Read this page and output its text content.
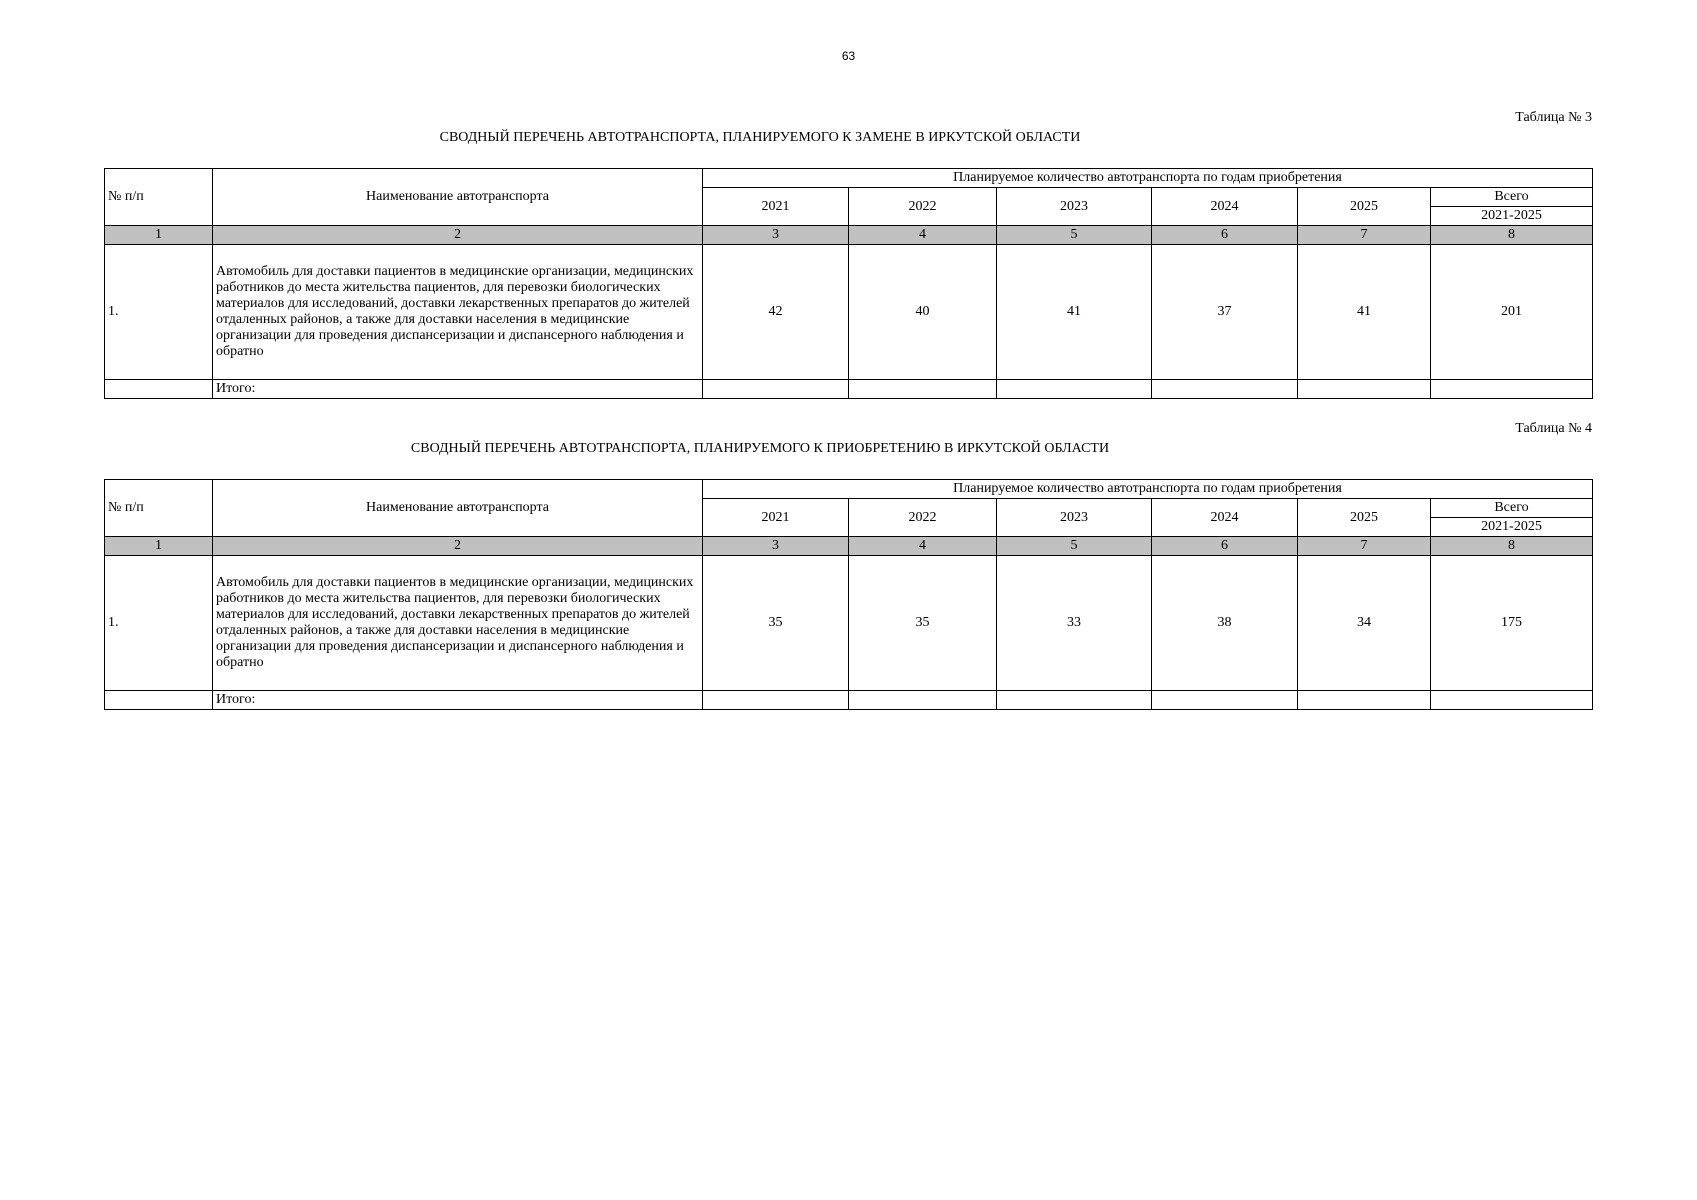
63
Таблица № 3
СВОДНЫЙ ПЕРЕЧЕНЬ АВТОТРАНСПОРТА, ПЛАНИРУЕМОГО К ЗАМЕНЕ В ИРКУТСКОЙ ОБЛАСТИ
№ п/п	Наименование автотранспорта	Планируемое количество автотранспорта по годам приобретения					
		2021	2022	2023	2024	2025	Всего
							2021-2025
1	2	3	4	5	6	7	8
1.	Автомобиль для доставки пациентов в медицинские организации, медицинских работников до места жительства пациентов, для перевозки биологических материалов для исследований, доставки лекарственных препаратов до жителей отдаленных районов, а также для доставки населения в медицинские организации для проведения диспансеризации и диспансерного наблюдения и обратно	42	40	41	37	41	201
	Итого:						
Таблица № 4
СВОДНЫЙ ПЕРЕЧЕНЬ АВТОТРАНСПОРТА, ПЛАНИРУЕМОГО К ПРИОБРЕТЕНИЮ В ИРКУТСКОЙ ОБЛАСТИ
№ п/п	Наименование автотранспорта	Планируемое количество автотранспорта по годам приобретения					
		2021	2022	2023	2024	2025	Всего
							2021-2025
1	2	3	4	5	6	7	8
1.	Автомобиль для доставки пациентов в медицинские организации, медицинских работников до места жительства пациентов, для перевозки биологических материалов для исследований, доставки лекарственных препаратов до жителей отдаленных районов, а также для доставки населения в медицинские организации для проведения диспансеризации и диспансерного наблюдения и обратно	35	35	33	38	34	175
	Итого:						
